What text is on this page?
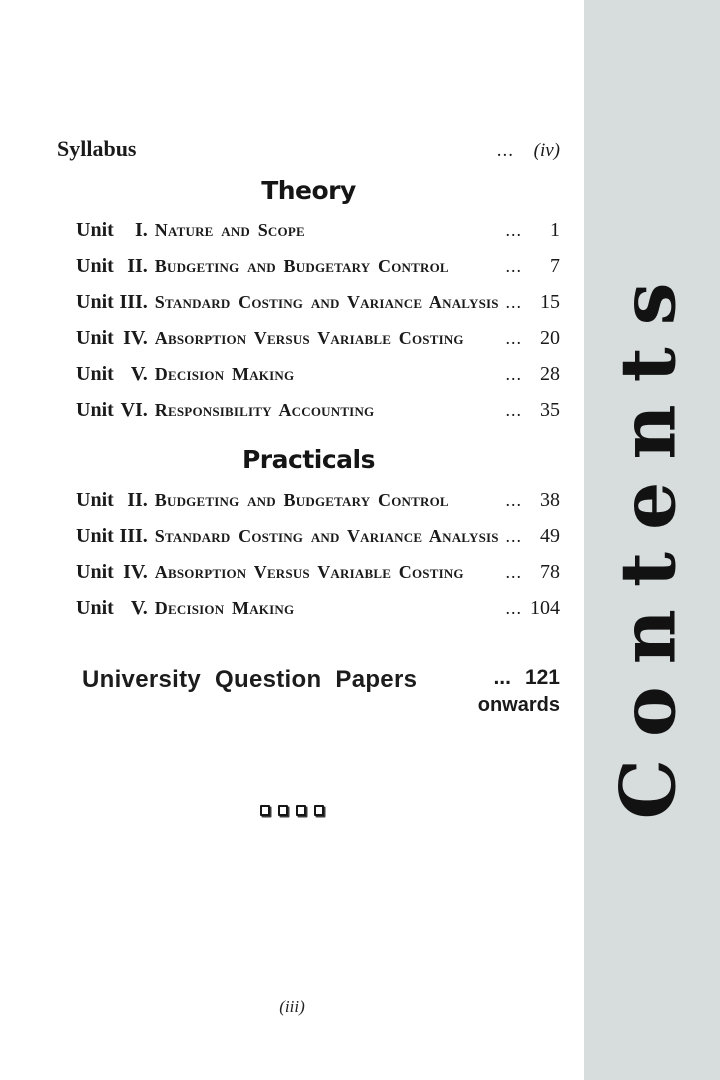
Contents
Syllabus	...	(iv)
Theory
Unit	I. Nature and Scope	...	1
Unit II. Budgeting and Budgetary Control	...	7
Unit III. Standard Costing and Variance Analysis ... 15
Unit IV. Absorption Versus Variable Costing ... 20
Unit V. Decision Making	... 28
Unit VI. Responsibility Accounting	... 35
Practicals
Unit II. Budgeting and Budgetary Control	... 38
Unit III. Standard Costing and Variance Analysis ... 49
Unit IV. Absorption Versus Variable Costing ... 78
Unit V. Decision Making	... 104
University Question Papers	... 121
onwards
(iii)
